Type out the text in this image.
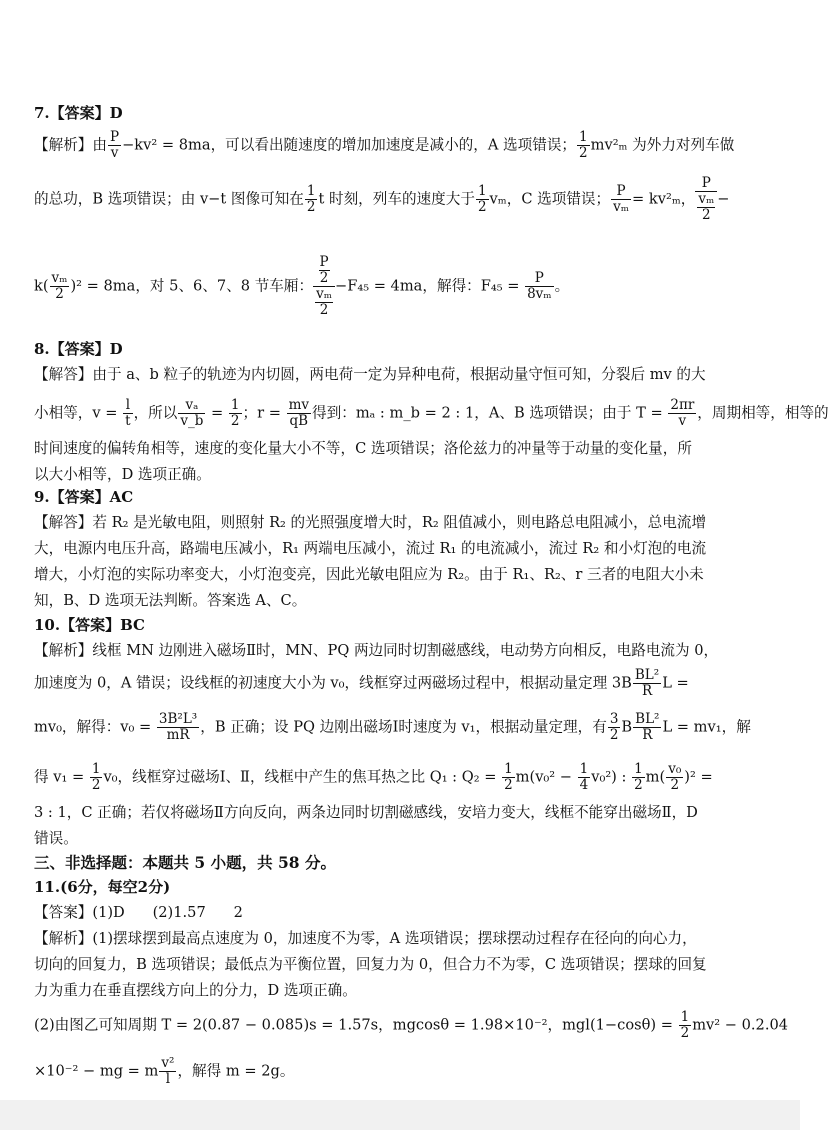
7.【答案】D
【解析】由 $\frac{P}{v} -kv^2 = 8ma$，可以看出随速度的增加加速度是减小的，A 选项错误； $\frac{1}{2} mv^2_m$ 为外力对列车做
的总功，B 选项错误；由 v−t 图像可知在 $\frac{1}{2}$ t 时刻，列车的速度大于 $\frac{1}{2}$ vₘ，C 选项错误； $\frac{P}{\text{vₘ}} = kv^2_m$， $\frac{P}{\frac{\text{vₘ}}{2}}$ −
$k( \frac{\text{vₘ}}{2} )^2 = 8ma$，对 5、6、7、8 节车厢： $\frac{\frac{P}{2}}{\frac{\text{vₘ}}{2}} -F_{45} = 4ma$，解得：$F_{45} = \frac{P}{\text{8vₘ}}$ 。
8.【答案】D
【解答】由于 a、b 粒子的轨迹为内切圆，两电荷一定为异种电荷，根据动量守恒可知，分裂后 mv 的大
小相等，$v = \frac{l}{t}$ ，所以 $\frac{\text{vₐ}}{v\_b} = \frac{1}{2}$ ；$r = \frac{mv}{qB}$ 得到：mₐ : m_b = 2 : 1，A、B 选项错误；由于 $T = \frac{2\pi r}{v}$ ，周期相等，相等的
时间速度的偏转角相等，速度的变化量大小不等，C 选项错误；洛伦兹力的冲量等于动量的变化量，所
以大小相等，D 选项正确。
9.【答案】AC
【解答】若 R₂ 是光敏电阻，则照射 R₂ 的光照强度增大时，R₂ 阻值减小，则电路总电阻减小，总电流增
大，电源内电压升高，路端电压减小，R₁ 两端电压减小，流过 R₁ 的电流减小，流过 R₂ 和小灯泡的电流
增大，小灯泡的实际功率变大，小灯泡变亮，因此光敏电阻应为 R₂。由于 R₁、R₂、r 三者的电阻大小未
知，B、D 选项无法判断。答案选 A、C。
10.【答案】BC
【解析】线框 MN 边刚进入磁场Ⅱ时，MN、PQ 两边同时切割磁感线，电动势方向相反，电路电流为 0，
加速度为 0，A 错误；设线框的初速度大小为 v₀，线框穿过两磁场过程中，根据动量定理 $3B \frac{\text{BL²}}{R}$ L =
mv₀，解得：$v_0 = \frac{\text{3B²L³}}{mR}$ ，B 正确；设 PQ 边刚出磁场Ⅰ时速度为 v₁，根据动量定理，有 $\frac{3}{2}$ B $\frac{\text{BL²}}{R}$ L = mv₁，解
得 $v_1 = \frac{1}{2} v_0$，线框穿过磁场Ⅰ、Ⅱ，线框中产生的焦耳热之比 Q₁ : $Q_2 = \frac{1}{2} m(v_0^2 - \frac{1}{4} v_0^2)$ : $\frac{1}{2} m( \frac{\text{v₀}}{2} )^2$ =
3 : 1，C 正确；若仅将磁场Ⅱ方向反向，两条边同时切割磁感线，安培力变大，线框不能穿出磁场Ⅱ，D
错误。
三、非选择题：本题共 5 小题，共 58 分。
11.(6分，每空2分)
【答案】(1)D      (2)1.57      2
【解析】(1)摆球摆到最高点速度为 0，加速度不为零，A 选项错误；摆球摆动过程存在径向的向心力，
切向的回复力，B 选项错误；最低点为平衡位置，回复力为 0，但合力不为零，C 选项错误；摆球的回复
力为重力在垂直摆线方向上的分力，D 选项正确。
(2)由图乙可知周期 T = 2(0.87 − 0.085)s = 1.57s，mgcosθ = 1.98×10⁻²，$mgl(1-\cos\theta) = \frac{1}{2} mv^2 - 0.2.04$
×10⁻² − mg = m $\frac{\text{v²}}{l}$ ，解得 m = 2g。
